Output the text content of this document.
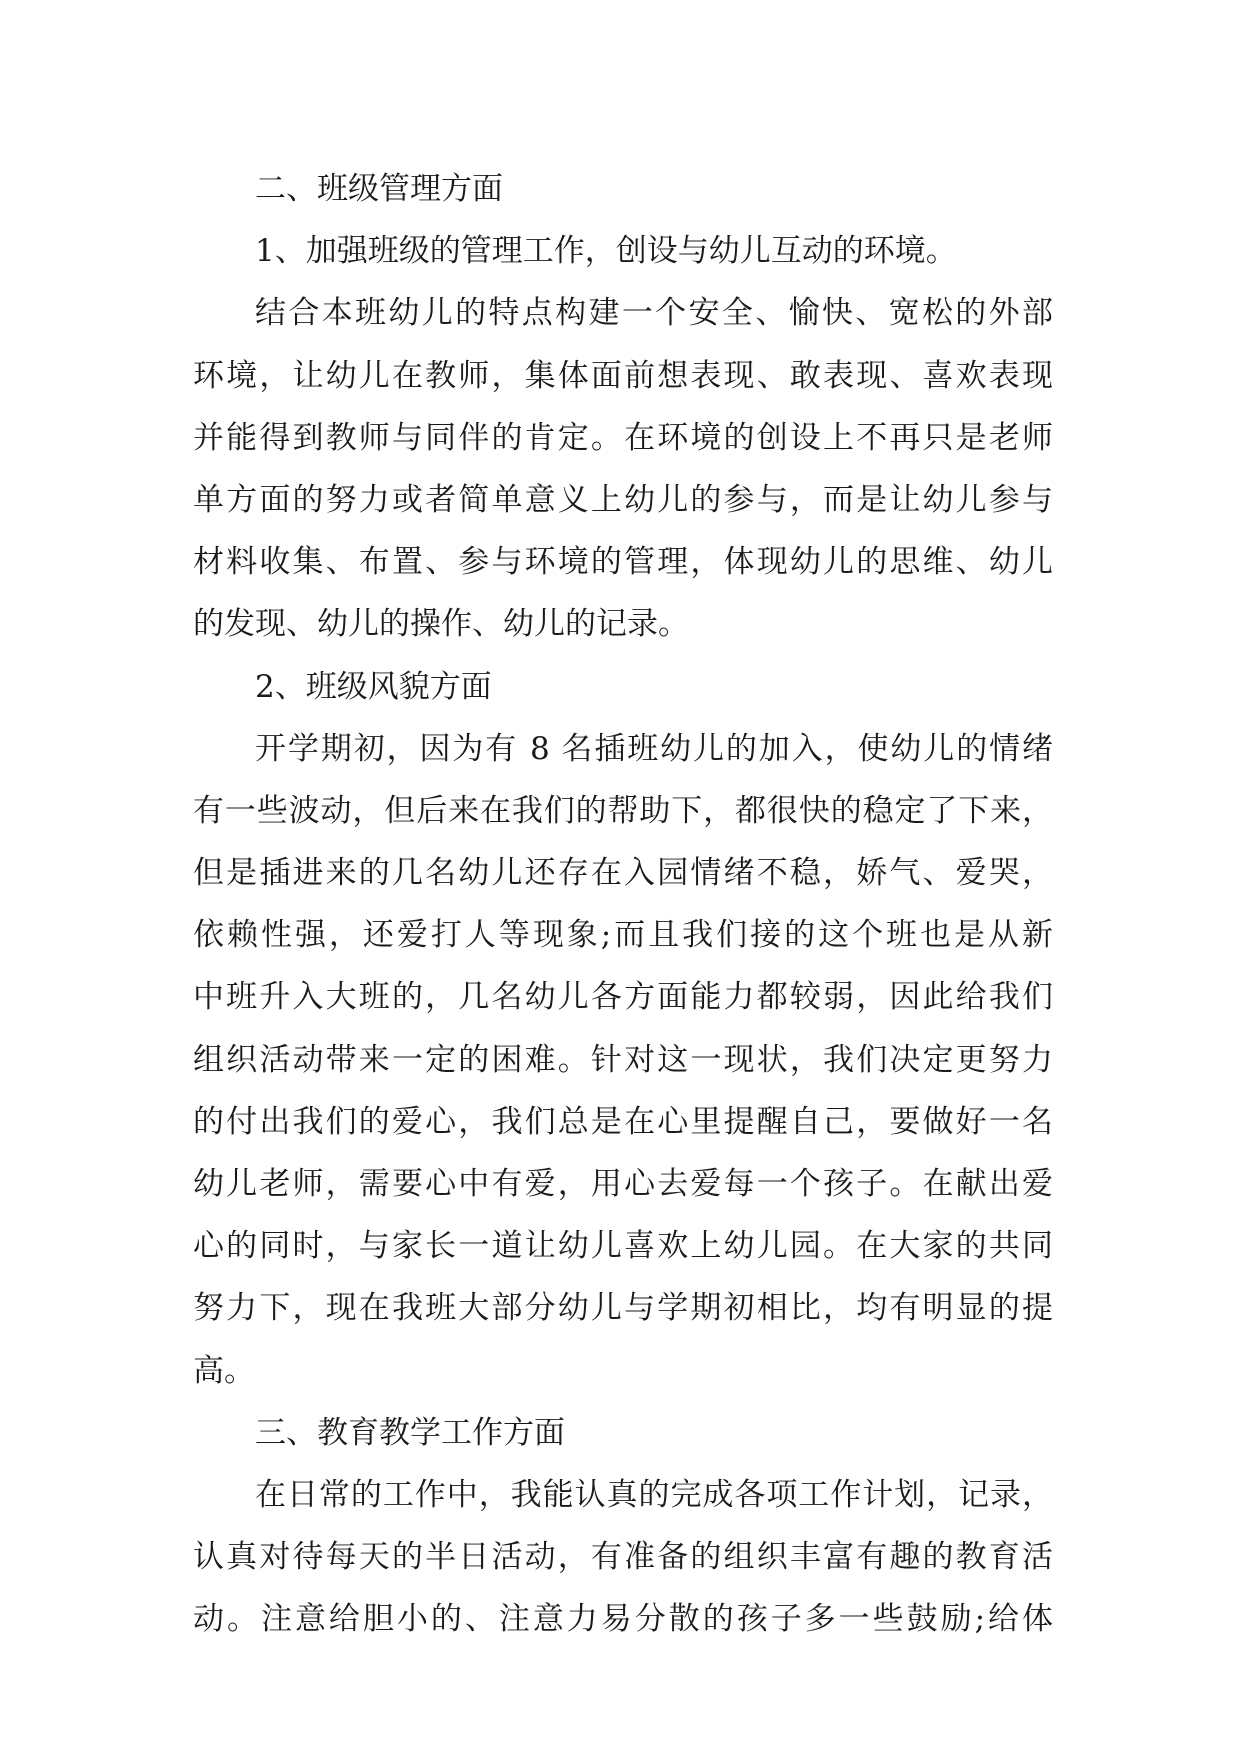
二、班级管理方面
1、加强班级的管理工作，创设与幼儿互动的环境。
结合本班幼儿的特点构建一个安全、愉快、宽松的外部
环境，让幼儿在教师，集体面前想表现、敢表现、喜欢表现
并能得到教师与同伴的肯定。在环境的创设上不再只是老师
单方面的努力或者简单意义上幼儿的参与，而是让幼儿参与
材料收集、布置、参与环境的管理，体现幼儿的思维、幼儿
的发现、幼儿的操作、幼儿的记录。
2、班级风貌方面
开学期初，因为有 8 名插班幼儿的加入，使幼儿的情绪
有一些波动，但后来在我们的帮助下，都很快的稳定了下来，
但是插进来的几名幼儿还存在入园情绪不稳，娇气、爱哭，
依赖性强，还爱打人等现象;而且我们接的这个班也是从新
中班升入大班的，几名幼儿各方面能力都较弱，因此给我们
组织活动带来一定的困难。针对这一现状，我们决定更努力
的付出我们的爱心，我们总是在心里提醒自己，要做好一名
幼儿老师，需要心中有爱，用心去爱每一个孩子。在献出爱
心的同时，与家长一道让幼儿喜欢上幼儿园。在大家的共同
努力下，现在我班大部分幼儿与学期初相比，均有明显的提
高。
三、教育教学工作方面
在日常的工作中，我能认真的完成各项工作计划，记录，
认真对待每天的半日活动，有准备的组织丰富有趣的教育活
动。注意给胆小的、注意力易分散的孩子多一些鼓励;给体
